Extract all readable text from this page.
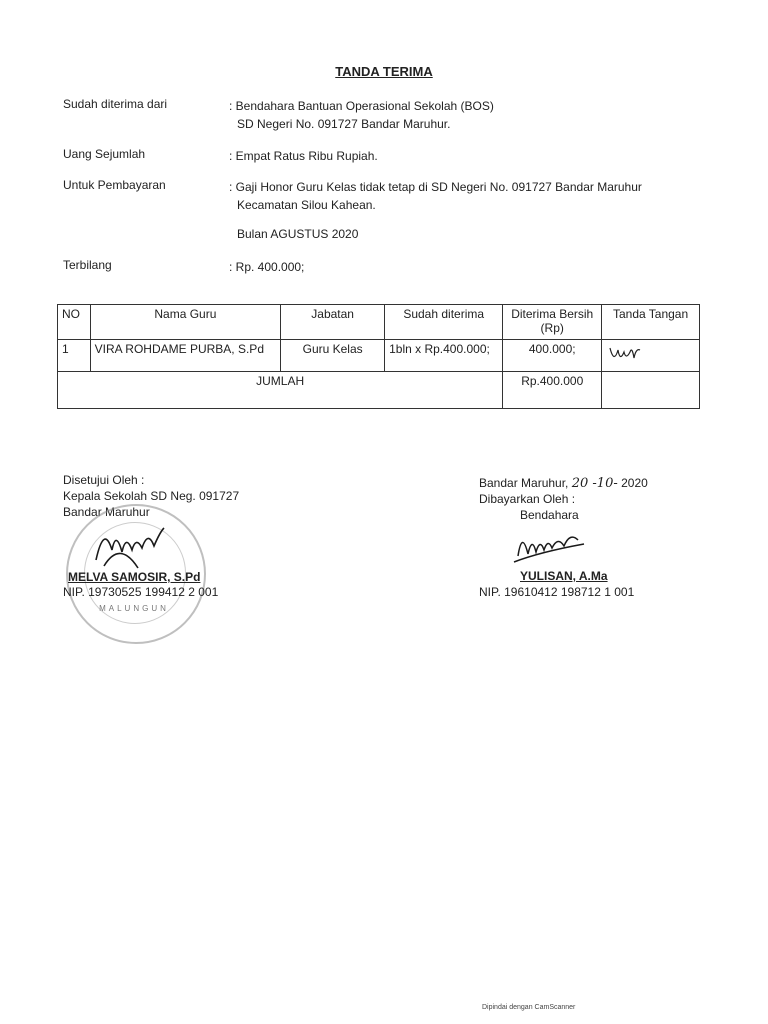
TANDA TERIMA
Sudah diterima dari	: Bendahara Bantuan Operasional Sekolah (BOS)
SD Negeri No. 091727 Bandar Maruhur.
Uang Sejumlah	: Empat Ratus Ribu Rupiah.
Untuk Pembayaran	: Gaji Honor Guru Kelas tidak tetap di SD Negeri No. 091727 Bandar Maruhur
Kecamatan Silou Kahean.
Bulan AGUSTUS 2020
Terbilang	: Rp. 400.000;
NO	Nama Guru	Jabatan	Sudah diterima	Diterima Bersih (Rp)	Tanda Tangan
1	VIRA ROHDAME PURBA, S.Pd	Guru Kelas	1bln x Rp.400.000;	400.000;	
JUMLAH				Rp.400.000	
Disetujui Oleh :
Kepala Sekolah SD Neg. 091727
Bandar Maruhur
MALUNGUN
MELVA SAMOSIR, S.Pd
NIP. 19730525 199412 2 001
Bandar Maruhur, 20 -10- 2020
Dibayarkan Oleh :
Bendahara
YULISAN, A.Ma
NIP. 19610412 198712 1 001
Dipindai dengan CamScanner
